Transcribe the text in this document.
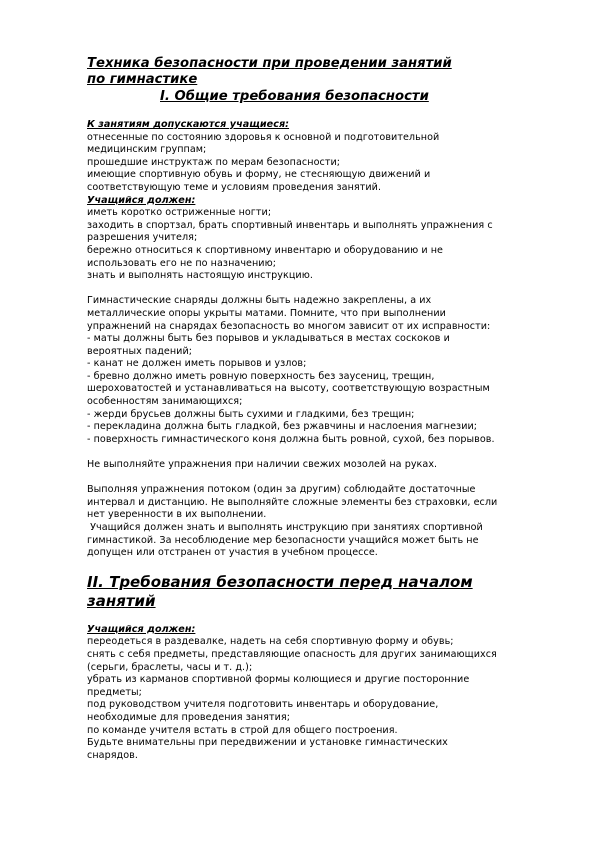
Техника безопасности при проведении занятий
по гимнастике
I. Общие требования безопасности
К занятиям допускаются учащиеся:
отнесенные по состоянию здоровья к основной и подготовительной
медицинским группам;
прошедшие инструктаж по мерам безопасности;
имеющие спортивную обувь и форму, не стесняющую движений и
соответствующую теме и условиям проведения занятий.
Учащийся должен:
иметь коротко остриженные ногти;
заходить в спортзал, брать спортивный инвентарь и выполнять упражнения с
разрешения учителя;
бережно относиться к спортивному инвентарю и оборудованию и не
использовать его не по назначению;
знать и выполнять настоящую инструкцию.
Гимнастические снаряды должны быть надежно закреплены, а их
металлические опоры укрыты матами. Помните, что при выполнении
упражнений на снарядах безопасность во многом зависит от их исправности:
- маты должны быть без порывов и укладываться в местах соскоков и
вероятных падений;
- канат не должен иметь порывов и узлов;
- бревно должно иметь ровную поверхность без заусениц, трещин,
шероховатостей и устанавливаться на высоту, соответствующую возрастным
особенностям занимающихся;
- жерди брусьев должны быть сухими и гладкими, без трещин;
- перекладина должна быть гладкой, без ржавчины и наслоения магнезии;
- поверхность гимнастического коня должна быть ровной, сухой, без порывов.
Не выполняйте упражнения при наличии свежих мозолей на руках.
Выполняя упражнения потоком (один за другим) соблюдайте достаточные
интервал и дистанцию. Не выполняйте сложные элементы без страховки, если
нет уверенности в их выполнении.
Учащийся должен знать и выполнять инструкцию при занятиях спортивной
гимнастикой. За несоблюдение мер безопасности учащийся может быть не
допущен или отстранен от участия в учебном процессе.
II. Требования безопасности перед началом
занятий
Учащийся должен:
переодеться в раздевалке, надеть на себя спортивную форму и обувь;
снять с себя предметы, представляющие опасность для других занимающихся
(серьги, браслеты, часы и т. д.);
убрать из карманов спортивной формы колющиеся и другие посторонние
предметы;
под руководством учителя подготовить инвентарь и оборудование,
необходимые для проведения занятия;
по команде учителя встать в строй для общего построения.
Будьте внимательны при передвижении и установке гимнастических
снарядов.
